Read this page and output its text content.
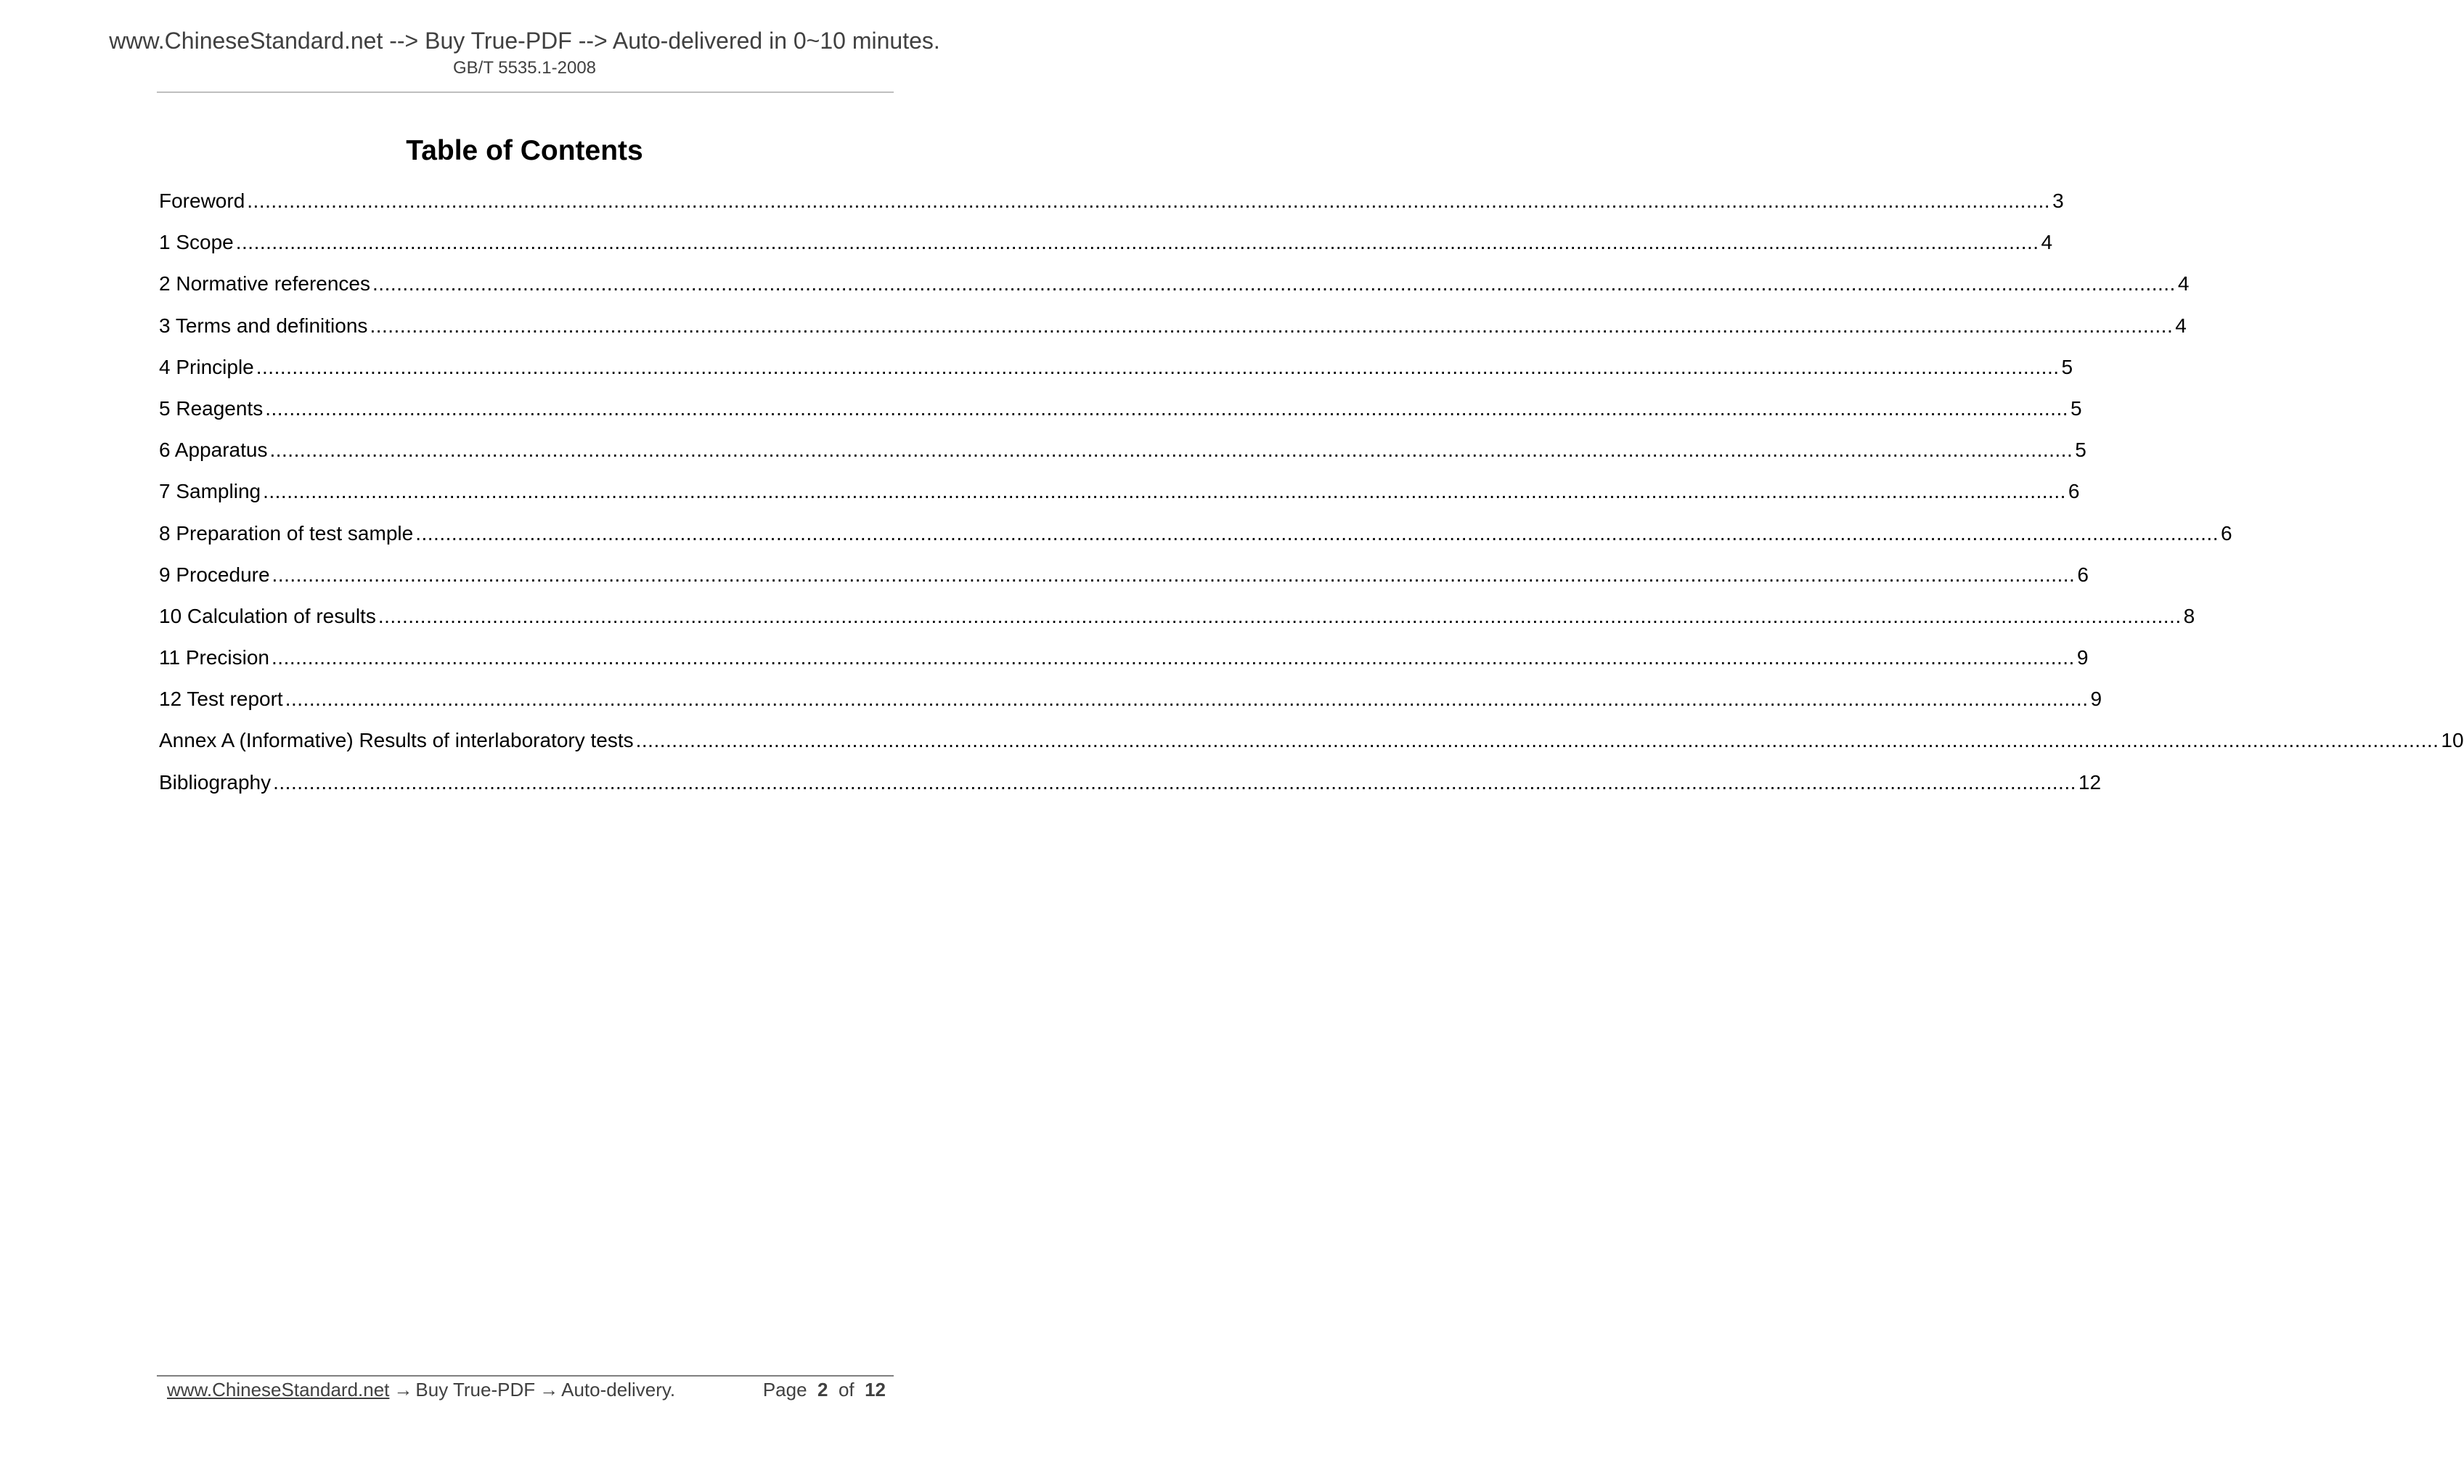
www.ChineseStandard.net --> Buy True-PDF --> Auto-delivered in 0~10 minutes.
GB/T 5535.1-2008
Table of Contents
Foreword ............................................................................................................................................................................................................................................................................................................ 3
1 Scope ............................................................................................................................................................................................................................................................................................................ 4
2 Normative references ............................................................................................................................................................................................................................................................................................................ 4
3 Terms and definitions ............................................................................................................................................................................................................................................................................................................ 4
4 Principle ............................................................................................................................................................................................................................................................................................................ 5
5 Reagents ............................................................................................................................................................................................................................................................................................................ 5
6 Apparatus ............................................................................................................................................................................................................................................................................................................ 5
7 Sampling ............................................................................................................................................................................................................................................................................................................ 6
8 Preparation of test sample ............................................................................................................................................................................................................................................................................................................ 6
9 Procedure ............................................................................................................................................................................................................................................................................................................ 6
10 Calculation of results ............................................................................................................................................................................................................................................................................................................ 8
11 Precision ............................................................................................................................................................................................................................................................................................................ 9
12 Test report ............................................................................................................................................................................................................................................................................................................ 9
Annex A (Informative) Results of interlaboratory tests ............................................................................................................................................................................................................................................................................................................ 10
Bibliography ............................................................................................................................................................................................................................................................................................................ 12
www.ChineseStandard.net → Buy True-PDF → Auto-delivery.	Page 2 of 12
